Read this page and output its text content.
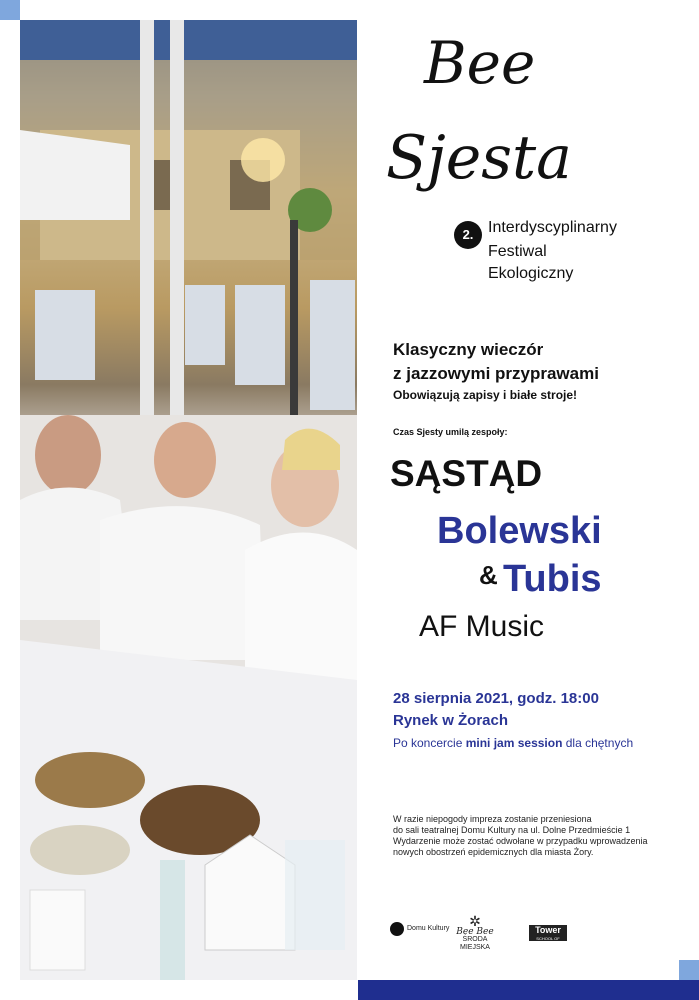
Bee
Sjesta
2. Interdyscyplinarny
Festiwal
Ekologiczny
Klasyczny wieczór
z jazzowymi przyprawami
Obowiązują zapisy i białe stroje!
Czas Sjesty umilą zespoły:
SĄSTĄD
Bolewski
& Tubis
AF Music
28 sierpnia 2021, godz. 18:00
Rynek w Żorach
Po koncercie mini jam session dla chętnych
W razie niepogody impreza zostanie przeniesiona
do sali teatralnej Domu Kultury na ul. Dolne Przedmieście 1
Wydarzenie może zostać odwołane w przypadku wprowadzenia
nowych obostrzeń epidemicznych dla miasta Żory.
Domu Kultury	✲
Bee Bee
ŚRODA MIEJSKA
Tower
SCHOOL OF ENGLISH
